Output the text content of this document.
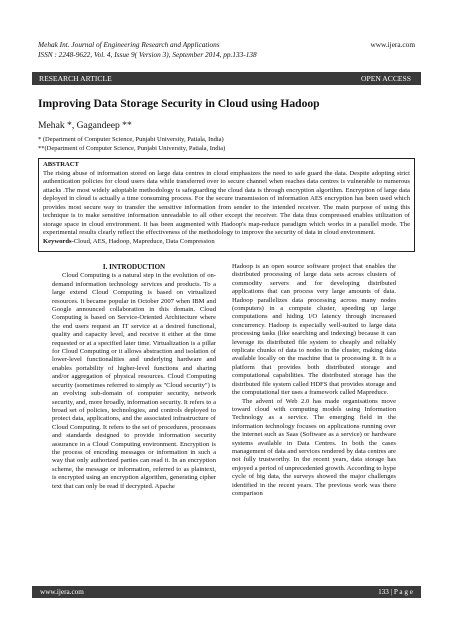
Mehak Int. Journal of Engineering Research and Applications
ISSN : 2248-9622, Vol. 4, Issue 9( Version 3), September 2014, pp.133-138
www.ijera.com
RESEARCH ARTICLE	OPEN ACCESS
Improving Data Storage Security in Cloud using Hadoop
Mehak *, Gagandeep **
* (Department of Computer Science, Punjabi University, Patiala, India)
**(Department of Computer Science, Punjabi University, Patiala, India)
ABSTRACT
The rising abuse of information stored on large data centres in cloud emphasizes the need to safe guard the data. Despite adopting strict authentication policies for cloud users data while transferred over to secure channel when reaches data centres is vulnerable to numerous attacks .The most widely adoptable methodology is safeguarding the cloud data is through encryption algorithm. Encryption of large data deployed in cloud is actually a time consuming process. For the secure transmission of information AES encryption has been used which provides most secure way to transfer the sensitive information from sender to the intended receiver. The main purpose of using this technique is to make sensitive information unreadable to all other except the receiver. The data thus compressed enables utilization of storage space in cloud environment. It has been augmented with Hadoop's map-reduce paradigm which works in a parallel mode. The experimental results clearly reflect the effectiveness of the methodology to improve the security of data in cloud environment.
Keywords-Cloud, AES, Hadoop, Mapreduce, Data Compression
I. INTRODUCTION

Cloud Computing is a natural step in the evolution of on-demand information technology services and products. To a large extend Cloud Computing is based on virtualized resources. It became popular in October 2007 when IBM and Google announced collaboration in this domain. Cloud Computing is based on Service-Oriented Architecture where the end users request an IT service at a desired functional, quality and capacity level, and receive it either at the time requested or at a specified later time. Virtualization is a pillar for Cloud Computing or it allows abstraction and isolation of lower-level functionalities and underlying hardware and enables portability of higher-level functions and sharing and/or aggregation of physical resources. Cloud Computing security (sometimes referred to simply as "Cloud security") is an evolving sub-domain of computer security, network security, and, more broadly, information security. It refers to a broad set of policies, technologies, and controls deployed to protect data, applications, and the associated infrastructure of Cloud Computing. It refers to the set of procedures, processes and standards designed to provide information security assurance in a Cloud Computing environment. Encryption is the process of encoding messages or information in such a way that only authorized parties can read it. In an encryption scheme, the message or information, referred to as plaintext, is encrypted using an encryption algorithm, generating cipher text that can only be read if decrypted. Apache

Hadoop is an open source software project that enables the distributed processing of large data sets across clusters of commodity servers and for developing distributed applications that can process very large amounts of data. Hadoop parallelizes data processing across many nodes (computers) in a compute cluster, speeding up large computations and hiding I/O latency through increased concurrency. Hadoop is especially well-suited to large data processing tasks (like searching and indexing) because it can leverage its distributed file system to cheaply and reliably replicate chunks of data to nodes in the cluster, making data available locally on the machine that is processing it. It is a platform that provides both distributed storage and computational capabilities. The distributed storage has the distributed file system called HDFS that provides storage and the computational tier uses a framework called Mapreduce.

The advent of Web 2.0 has made organisations move toward cloud with computing models using Information Technology as a service. The emerging field in the information technology focuses on applications running over the internet such as Saas (Software as a service) or hardware systems available in Data Centres. In both the cases management of data and services rendered by data centres are not fully trustworthy. In the recent years, data storage has enjoyed a period of unprecedented growth. According to hype cycle of big data, the surveys showed the major challenges identified in the recent years. The previous work was there comparison

www.ijera.com	133 | P a g e
